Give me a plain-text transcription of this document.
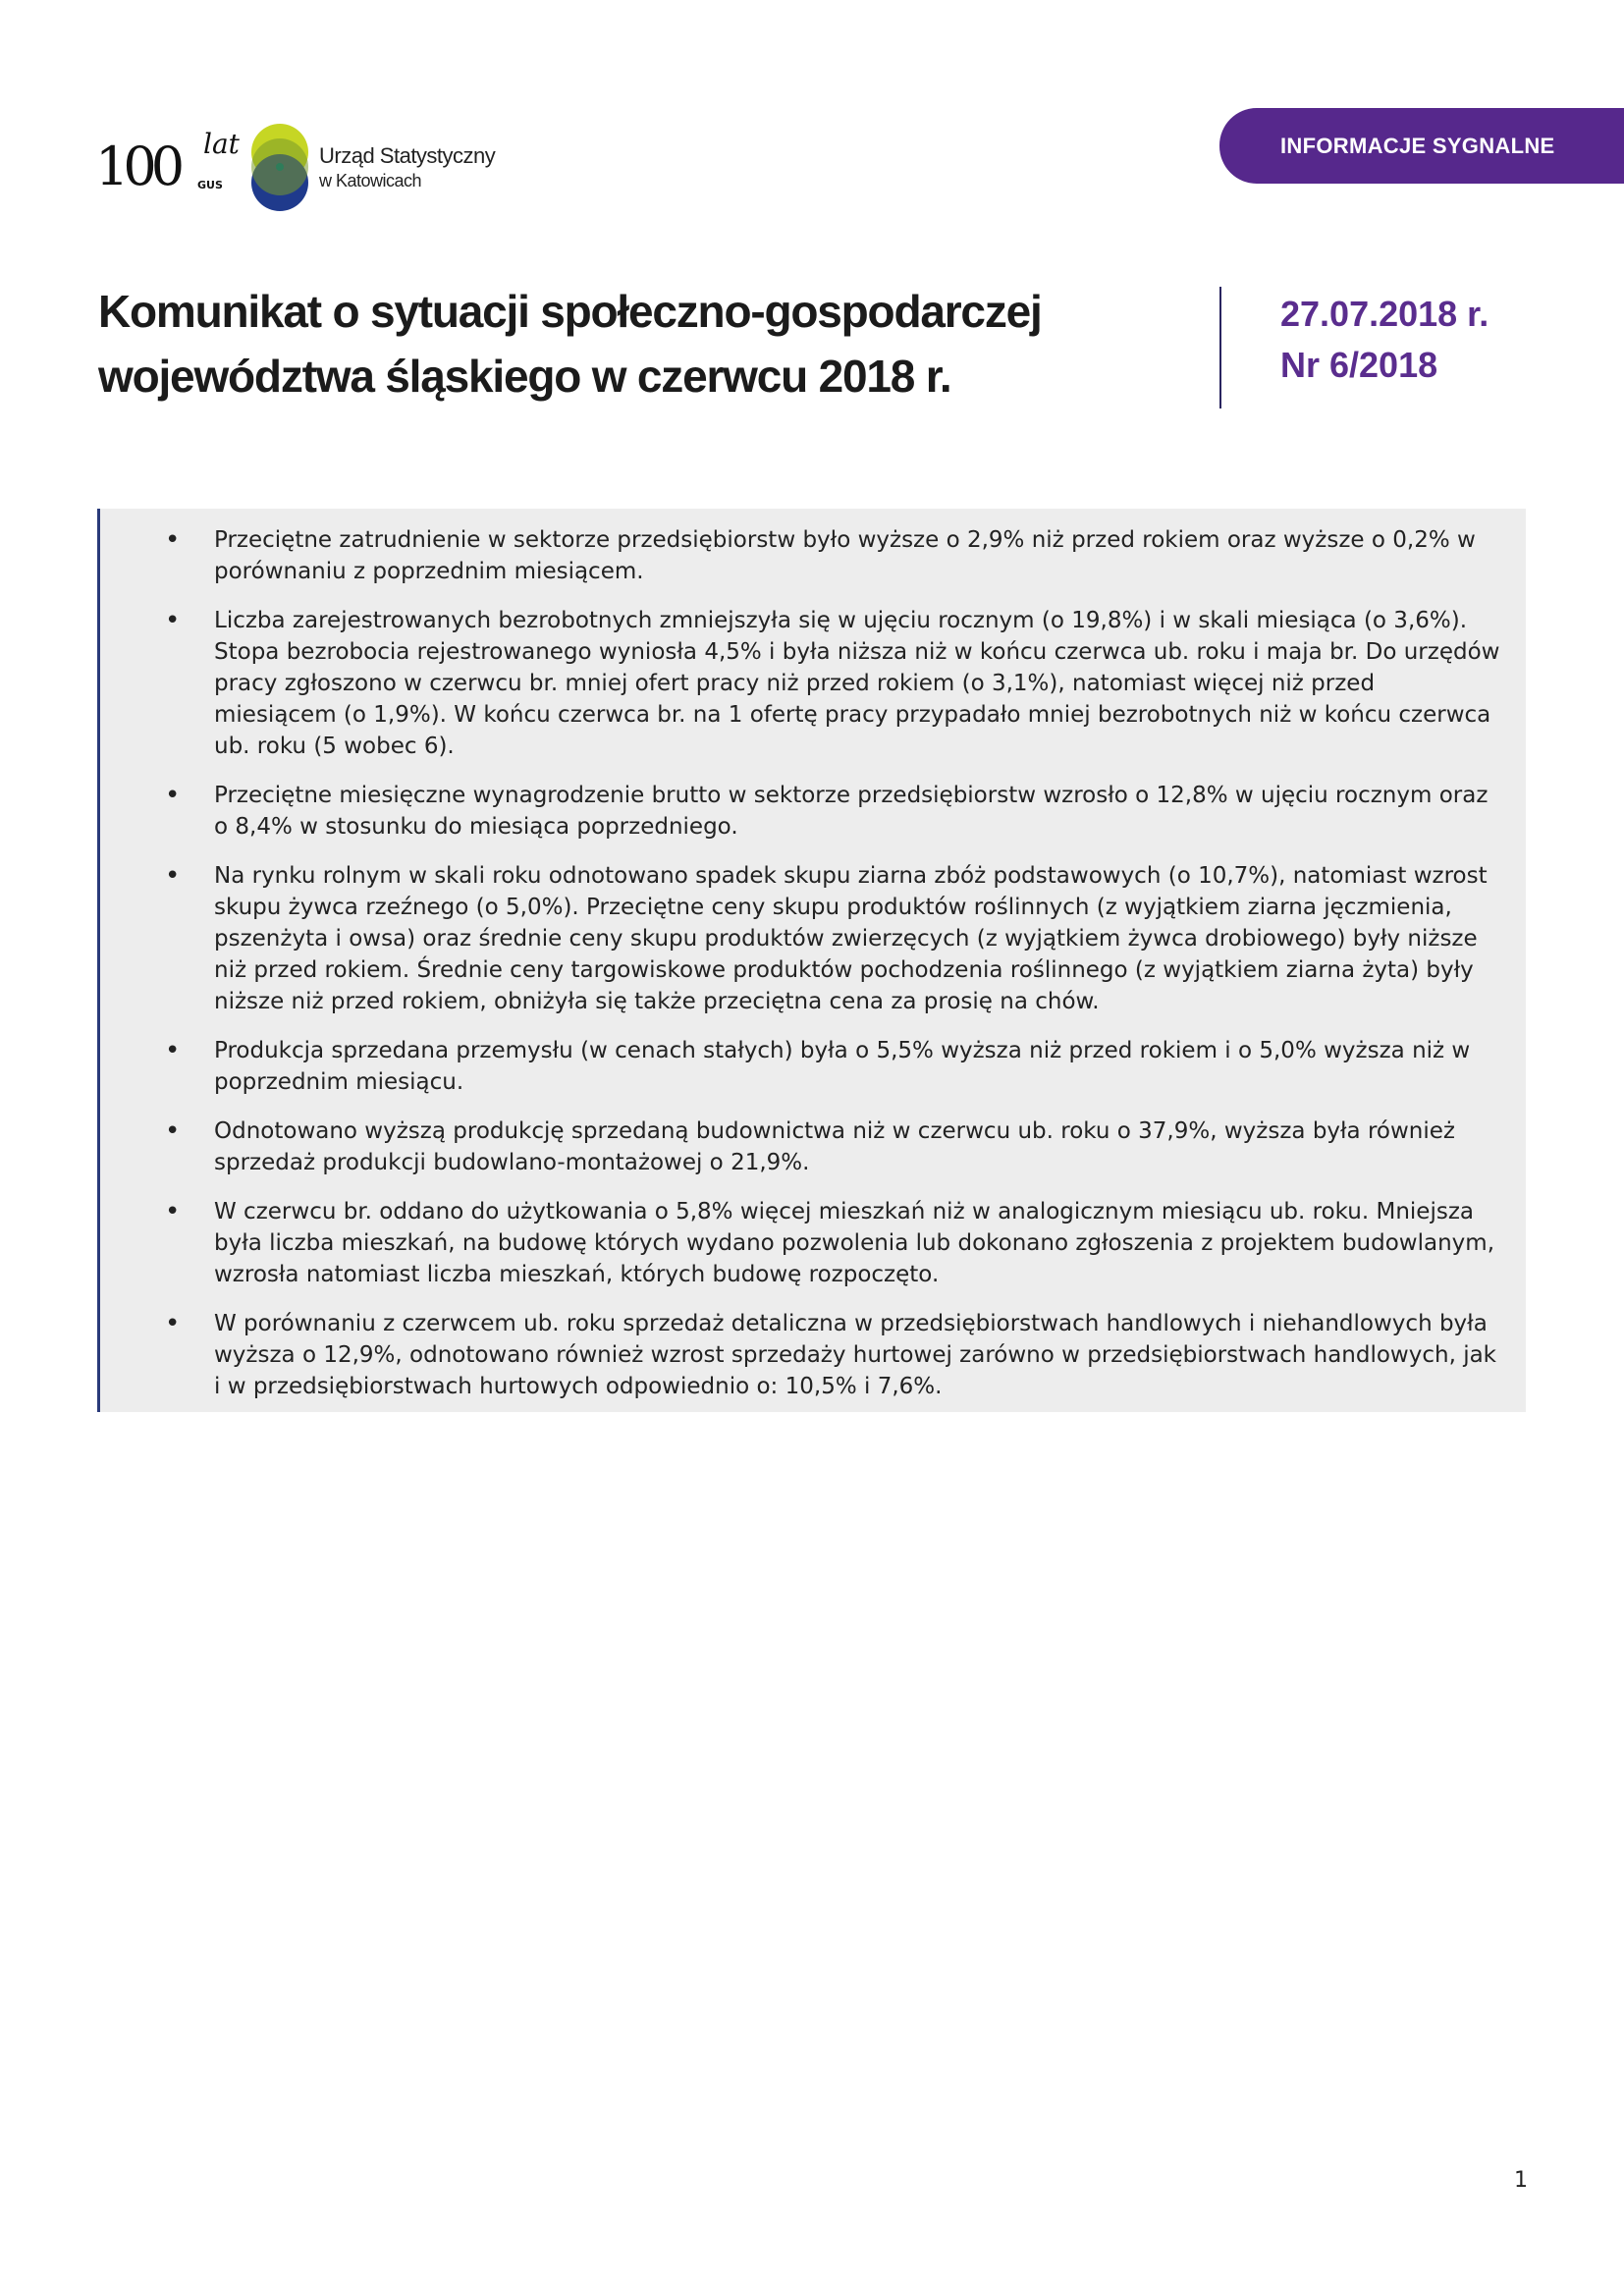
100 lat
GUS
Urząd Statystyczny
w Katowicach
INFORMACJE SYGNALNE
Komunikat o sytuacji społeczno-gospodarczej
województwa śląskiego w czerwcu 2018 r.
27.07.2018 r.
Nr 6/2018
• Przeciętne zatrudnienie w sektorze przedsiębiorstw było wyższe o 2,9% niż przed rokiem oraz wyższe o 0,2% w porównaniu z poprzednim miesiącem.
• Liczba zarejestrowanych bezrobotnych zmniejszyła się w ujęciu rocznym (o 19,8%) i w skali miesiąca (o 3,6%). Stopa bezrobocia rejestrowanego wyniosła 4,5% i była niższa niż w końcu czerwca ub. roku i maja br. Do urzędów pracy zgłoszono w czerwcu br. mniej ofert pracy niż przed rokiem (o 3,1%), natomiast więcej niż przed miesiącem (o 1,9%). W końcu czerwca br. na 1 ofertę pracy przypadało mniej bezrobotnych niż w końcu czerwca ub. roku (5 wobec 6).
• Przeciętne miesięczne wynagrodzenie brutto w sektorze przedsiębiorstw wzrosło o 12,8% w ujęciu rocznym oraz o 8,4% w stosunku do miesiąca poprzedniego.
• Na rynku rolnym w skali roku odnotowano spadek skupu ziarna zbóż podstawowych (o 10,7%), natomiast wzrost skupu żywca rzeźnego (o 5,0%). Przeciętne ceny skupu produktów roślinnych (z wyjątkiem ziarna jęczmienia, pszenżyta i owsa) oraz średnie ceny skupu produktów zwierzęcych (z wyjątkiem żywca drobiowego) były niższe niż przed rokiem. Średnie ceny targowiskowe produktów pochodzenia roślinnego (z wyjątkiem ziarna żyta) były niższe niż przed rokiem, obniżyła się także przeciętna cena za prosię na chów.
• Produkcja sprzedana przemysłu (w cenach stałych) była o 5,5% wyższa niż przed rokiem i o 5,0% wyższa niż w poprzednim miesiącu.
• Odnotowano wyższą produkcję sprzedaną budownictwa niż w czerwcu ub. roku o 37,9%, wyższa była również sprzedaż produkcji budowlano-montażowej o 21,9%.
• W czerwcu br. oddano do użytkowania o 5,8% więcej mieszkań niż w analogicznym miesiącu ub. roku. Mniejsza była liczba mieszkań, na budowę których wydano pozwolenia lub dokonano zgłoszenia z projektem budowlanym, wzrosła natomiast liczba mieszkań, których budowę rozpoczęto.
• W porównaniu z czerwcem ub. roku sprzedaż detaliczna w przedsiębiorstwach handlowych i niehandlowych była wyższa o 12,9%, odnotowano również wzrost sprzedaży hurtowej zarówno w przedsiębiorstwach handlowych, jak i w przedsiębiorstwach hurtowych odpowiednio o: 10,5% i 7,6%.
1
